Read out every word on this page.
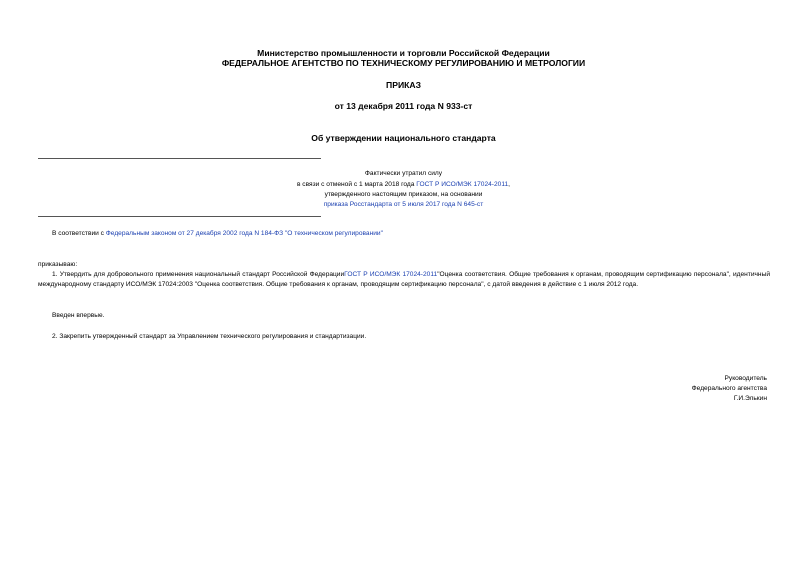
Министерство промышленности и торговли Российской Федерации
ФЕДЕРАЛЬНОЕ АГЕНТСТВО ПО ТЕХНИЧЕСКОМУ РЕГУЛИРОВАНИЮ И МЕТРОЛОГИИ
ПРИКАЗ
от 13 декабря 2011 года N 933-ст
Об утверждении национального стандарта
Фактически утратил силу
в связи с отменой с 1 марта 2018 года ГОСТ Р ИСО/МЭК 17024-2011,
утвержденного настоящим приказом, на основании
приказа Росстандарта от 5 июля 2017 года N 645-ст
В соответствии с Федеральным законом от 27 декабря 2002 года N 184-ФЗ "О техническом регулировании"
приказываю:
1. Утвердить для добровольного применения национальный стандарт Российской ФедерацииГОСТ Р ИСО/МЭК 17024-2011"Оценка соответствия. Общие требования к органам, проводящим сертификацию персонала", идентичный международному стандарту ИСО/МЭК 17024:2003 "Оценка соответствия. Общие требования к органам, проводящим сертификацию персонала", с датой введения в действие с 1 июля 2012 года.
Введен впервые.
2. Закрепить утвержденный стандарт за Управлением технического регулирования и стандартизации.
Руководитель
Федерального агентства
Г.И.Элькин
